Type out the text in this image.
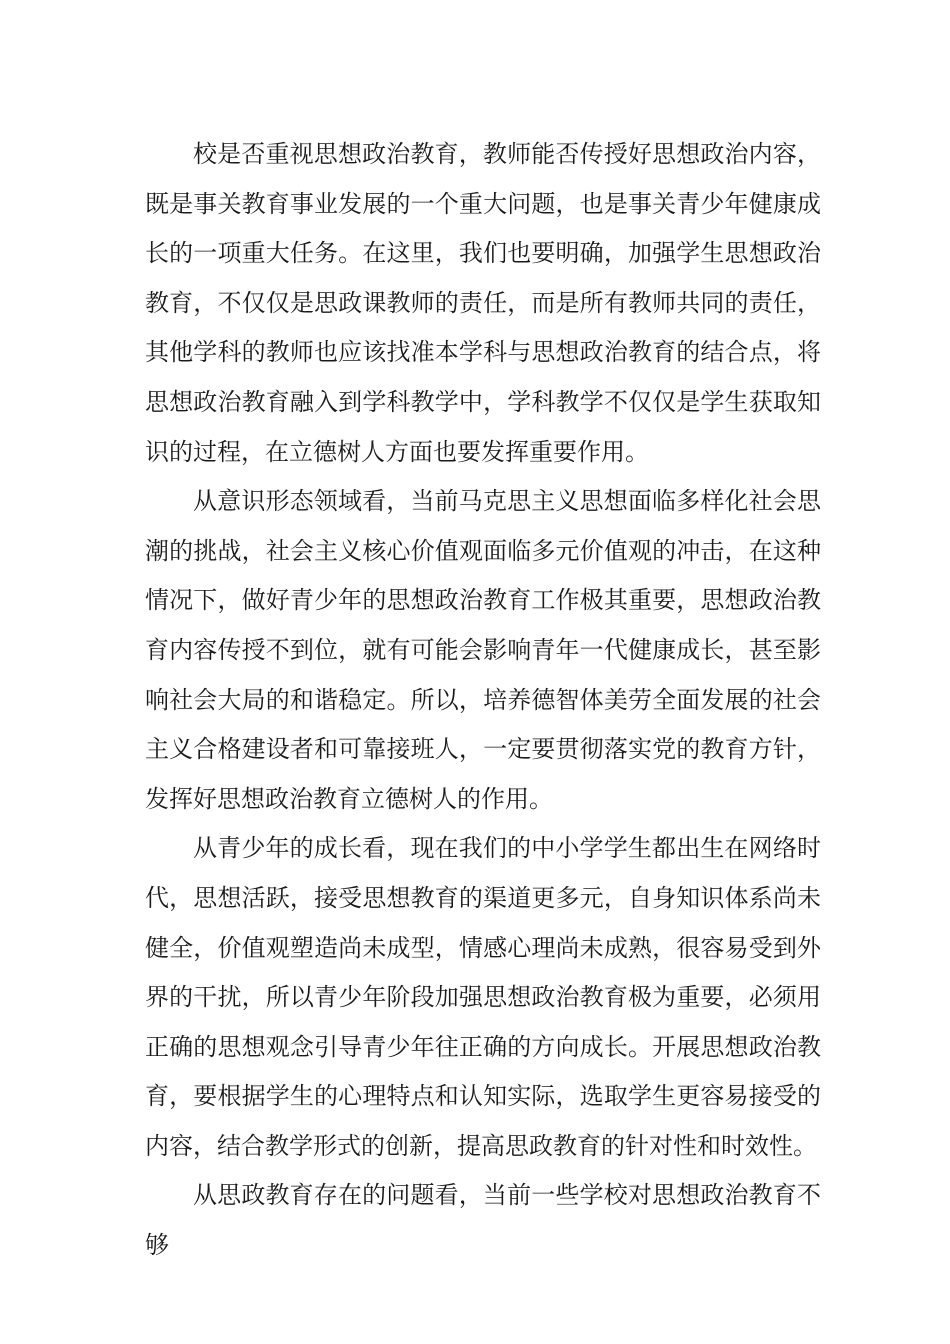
校是否重视思想政治教育，教师能否传授好思想政治内容，既是事关教育事业发展的一个重大问题，也是事关青少年健康成长的一项重大任务。在这里，我们也要明确，加强学生思想政治教育，不仅仅是思政课教师的责任，而是所有教师共同的责任，其他学科的教师也应该找准本学科与思想政治教育的结合点，将思想政治教育融入到学科教学中，学科教学不仅仅是学生获取知识的过程，在立德树人方面也要发挥重要作用。

从意识形态领域看，当前马克思主义思想面临多样化社会思潮的挑战，社会主义核心价值观面临多元价值观的冲击，在这种情况下，做好青少年的思想政治教育工作极其重要，思想政治教育内容传授不到位，就有可能会影响青年一代健康成长，甚至影响社会大局的和谐稳定。所以，培养德智体美劳全面发展的社会主义合格建设者和可靠接班人，一定要贯彻落实党的教育方针，发挥好思想政治教育立德树人的作用。

从青少年的成长看，现在我们的中小学学生都出生在网络时代，思想活跃，接受思想教育的渠道更多元，自身知识体系尚未健全，价值观塑造尚未成型，情感心理尚未成熟，很容易受到外界的干扰，所以青少年阶段加强思想政治教育极为重要，必须用正确的思想观念引导青少年往正确的方向成长。开展思想政治教育，要根据学生的心理特点和认知实际，选取学生更容易接受的内容，结合教学形式的创新，提高思政教育的针对性和时效性。

从思政教育存在的问题看，当前一些学校对思想政治教育不够
